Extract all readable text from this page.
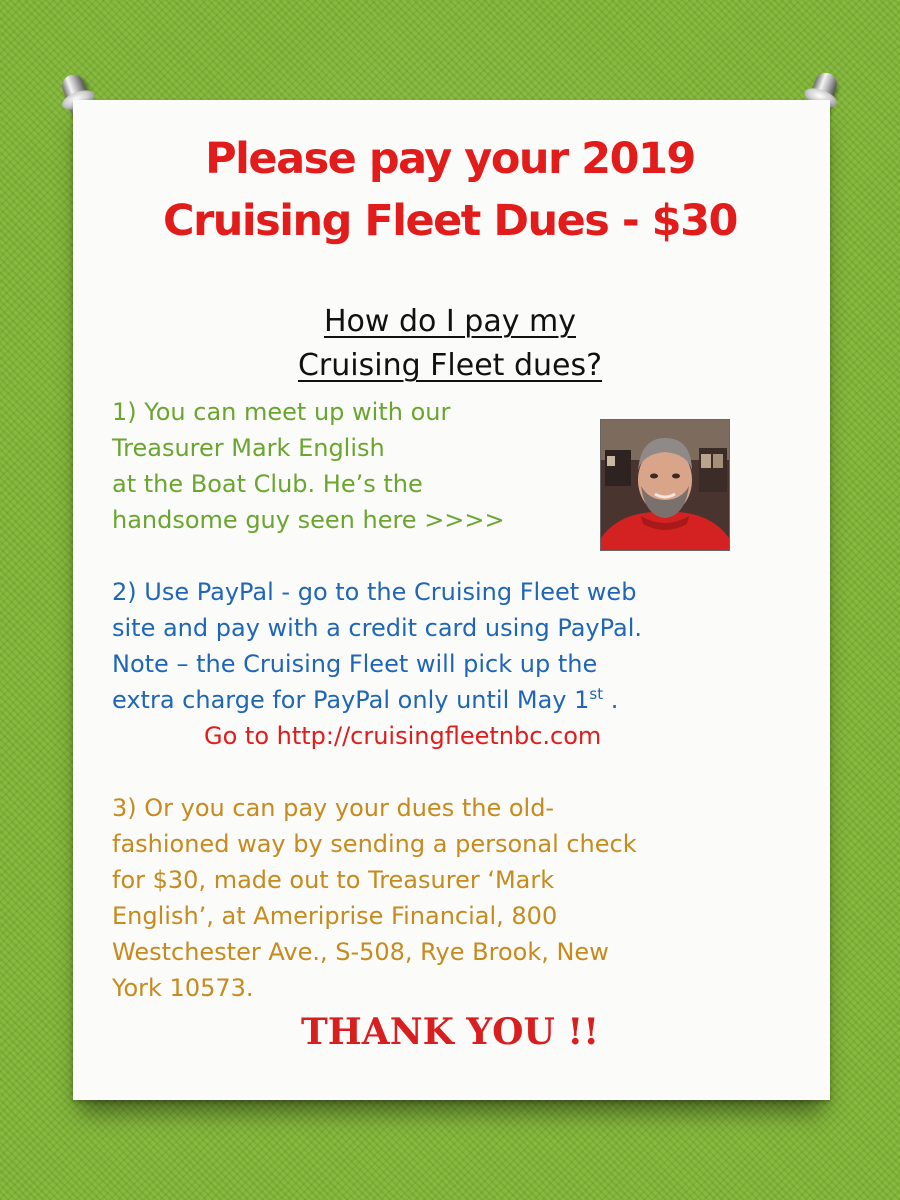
Please pay your 2019
Cruising Fleet Dues - $30
How do I pay my
Cruising Fleet dues?
1) You can meet up with our
Treasurer Mark English
at the Boat Club. He’s the
handsome guy seen here >>>>
2) Use PayPal - go to the Cruising Fleet web
site and pay with a credit card using PayPal.
Note – the Cruising Fleet will pick up the
extra charge for PayPal only until May 1st .
Go to http://cruisingfleetnbc.com
3) Or you can pay your dues the old-
fashioned way by sending a personal check
for $30, made out to Treasurer ‘Mark
English’, at Ameriprise Financial, 800
Westchester Ave., S-508, Rye Brook, New
York 10573.
THANK YOU !!
